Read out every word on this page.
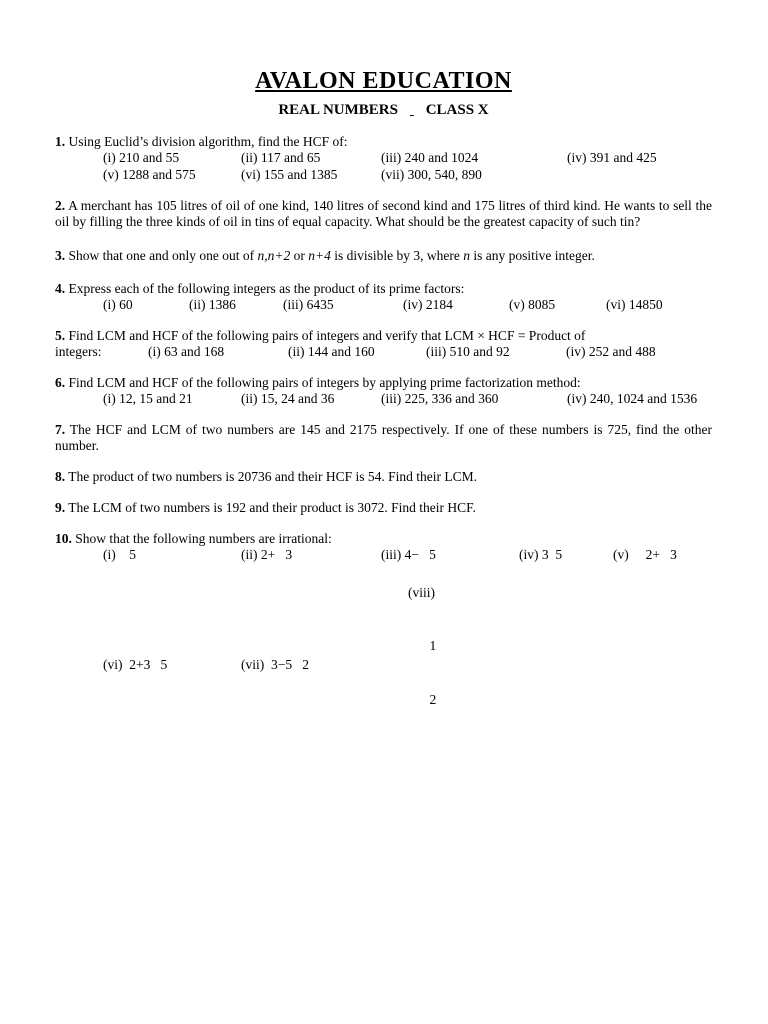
AVALON EDUCATION
REAL NUMBERS CLASS X
1. Using Euclid’s division algorithm, find the HCF of:
(i) 210 and 55	(ii) 117 and 65	(iii) 240 and 1024	(iv) 391 and 425
(v) 1288 and 575	(vi) 155 and 1385	(vii) 300, 540, 890
2. A merchant has 105 litres of oil of one kind, 140 litres of second kind and 175 litres of third kind. He wants to sell the oil by filling the three kinds of oil in tins of equal capacity. What should be the greatest capacity of such tin?
3. Show that one and only one out of n,n+2 or n+4 is divisible by 3, where n is any positive integer.
4. Express each of the following integers as the product of its prime factors:
(i) 60	(ii) 1386	(iii) 6435	(iv) 2184	(v) 8085	(vi) 14850
5. Find LCM and HCF of the following pairs of integers and verify that LCM × HCF = Product of
integers:	(i) 63 and 168	(ii) 144 and 160	(iii) 510 and 92	(iv) 252 and 488
6. Find LCM and HCF of the following pairs of integers by applying prime factorization method:
(i) 12, 15 and 21	(ii) 15, 24 and 36	(iii) 225, 336 and 360	(iv) 240, 1024 and 1536
7. The HCF and LCM of two numbers are 145 and 2175 respectively. If one of these numbers is 725, find the other number.
8. The product of two numbers is 20736 and their HCF is 54. Find their LCM.
9. The LCM of two numbers is 192 and their product is 3072. Find their HCF.
10. Show that the following numbers are irrational:
(i)    5	(ii) 2+   3	(iii) 4−   5	(iv) 3  5	(v)     2+   3
(vi)  2+3   5	(vii)  3−5   2

(viii)

1

2
